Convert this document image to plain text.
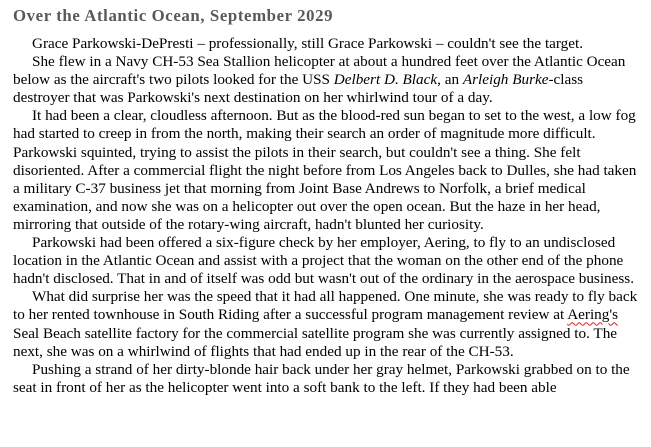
Over the Atlantic Ocean, September 2029

Grace Parkowski-DePresti – professionally, still Grace Parkowski – couldn't see the target.

She flew in a Navy CH-53 Sea Stallion helicopter at about a hundred feet over the Atlantic Ocean below as the aircraft's two pilots looked for the USS Delbert D. Black, an Arleigh Burke-class destroyer that was Parkowski's next destination on her whirlwind tour of a day.

It had been a clear, cloudless afternoon. But as the blood-red sun began to set to the west, a low fog had started to creep in from the north, making their search an order of magnitude more difficult. Parkowski squinted, trying to assist the pilots in their search, but couldn't see a thing. She felt disoriented. After a commercial flight the night before from Los Angeles back to Dulles, she had taken a military C-37 business jet that morning from Joint Base Andrews to Norfolk, a brief medical examination, and now she was on a helicopter out over the open ocean. But the haze in her head, mirroring that outside of the rotary-wing aircraft, hadn't blunted her curiosity.

Parkowski had been offered a six-figure check by her employer, Aering, to fly to an undisclosed location in the Atlantic Ocean and assist with a project that the woman on the other end of the phone hadn't disclosed. That in and of itself was odd but wasn't out of the ordinary in the aerospace business.

What did surprise her was the speed that it had all happened. One minute, she was ready to fly back to her rented townhouse in South Riding after a successful program management review at Aering's Seal Beach satellite factory for the commercial satellite program she was currently assigned to. The next, she was on a whirlwind of flights that had ended up in the rear of the CH-53.

Pushing a strand of her dirty-blonde hair back under her gray helmet, Parkowski grabbed on to the seat in front of her as the helicopter went into a soft bank to the left. If they had been able
